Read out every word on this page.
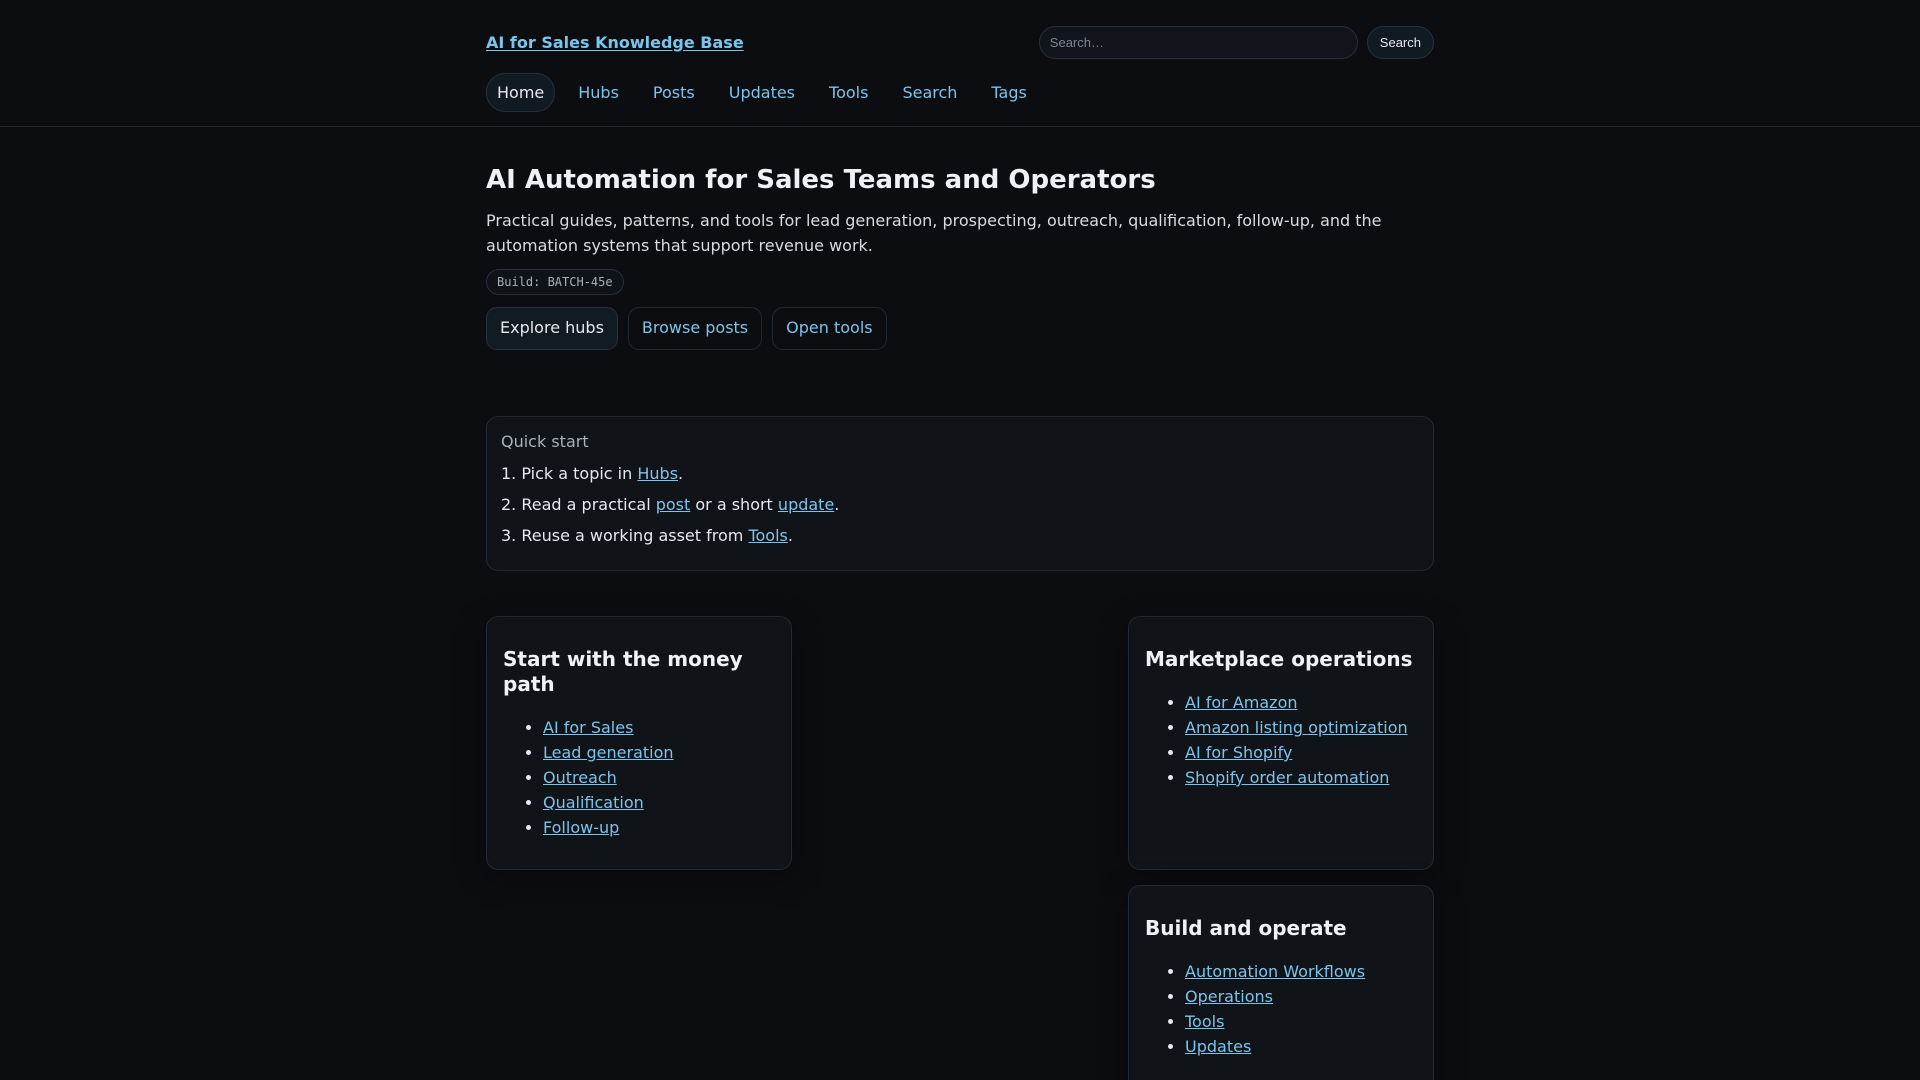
AI for Sales Knowledge Base
Search…	Search
Home	Hubs	Posts	Updates	Tools	Search	Tags
AI Automation for Sales Teams and Operators

Practical guides, patterns, and tools for lead generation, prospecting, outreach, qualification, follow-up, and the automation systems that support revenue work.

Build: BATCH-45e
Explore hubs	Browse posts	Open tools
Quick start
1. Pick a topic in Hubs.
2. Read a practical post or a short update.
3. Reuse a working asset from Tools.
Start with the money path
• AI for Sales
• Lead generation
• Outreach
• Qualification
• Follow-up
Marketplace operations
• AI for Amazon
• Amazon listing optimization
• AI for Shopify
• Shopify order automation
Build and operate
• Automation Workflows
• Operations
• Tools
• Updates
